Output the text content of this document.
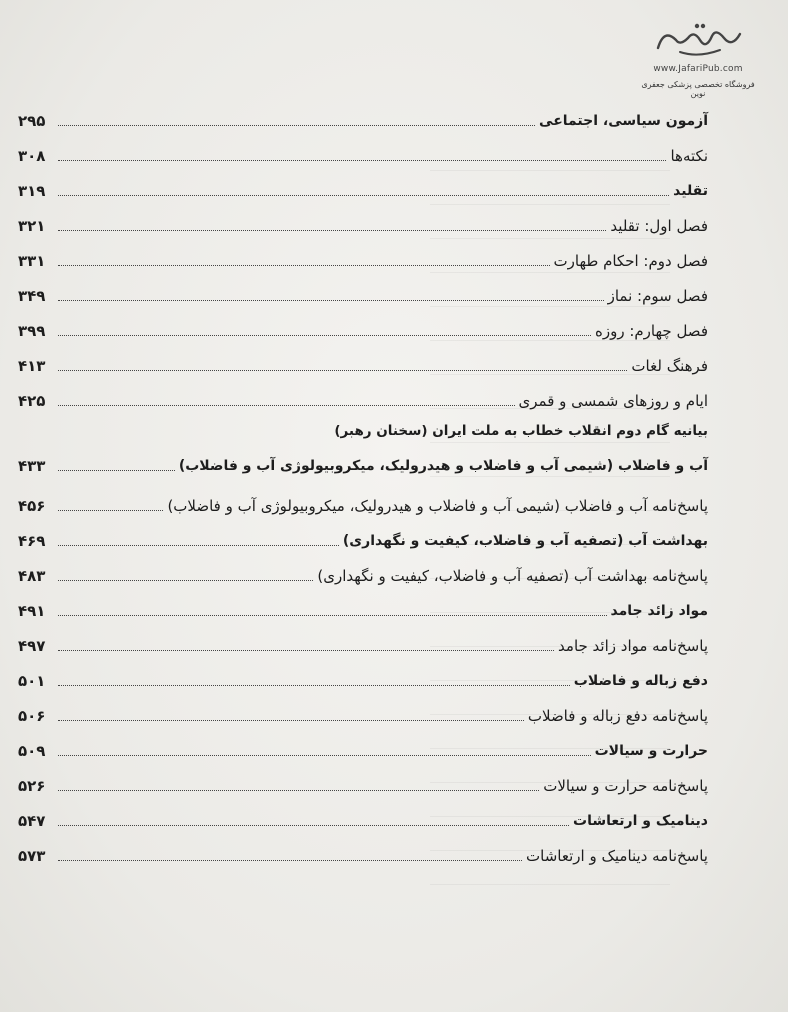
www.JafariPub.com
فروشگاه تخصصی پزشکی جعفری نوین
آزمون سیاسی، اجتماعی
۲۹۵
نکته‌ها
۳۰۸
تقلید
۳۱۹
فصل اول: تقلید
۳۲۱
فصل دوم: احکام طهارت
۳۳۱
فصل سوم: نماز
۳۴۹
فصل چهارم: روزه
۳۹۹
فرهنگ لغات
۴۱۳
ایام و روزهای شمسی و قمری
۴۲۵
بیانیه گام دوم انقلاب خطاب به ملت ایران (سخنان رهبر)
آب و فاضلاب (شیمی آب و فاضلاب و هیدرولیک، میکروبیولوژی آب و فاضلاب)
۴۳۳
پاسخ‌نامه آب و فاضلاب (شیمی آب و فاضلاب و هیدرولیک، میکروبیولوژی آب و فاضلاب)
۴۵۶
بهداشت آب (تصفیه آب و فاضلاب، کیفیت و نگهداری)
۴۶۹
پاسخ‌نامه بهداشت آب (تصفیه آب و فاضلاب، کیفیت و نگهداری)
۴۸۳
مواد زائد جامد
۴۹۱
پاسخ‌نامه مواد زائد جامد
۴۹۷
دفع زباله و فاضلاب
۵۰۱
پاسخ‌نامه دفع زباله و فاضلاب
۵۰۶
حرارت و سیالات
۵۰۹
پاسخ‌نامه حرارت و سیالات
۵۲۶
دینامیک و ارتعاشات
۵۴۷
پاسخ‌نامه دینامیک و ارتعاشات
۵۷۳
